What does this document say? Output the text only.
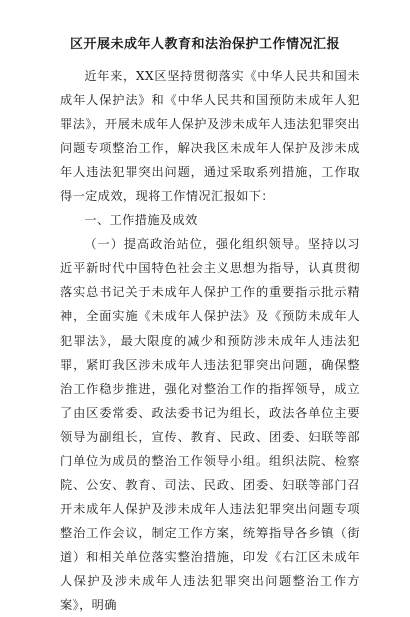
区开展未成年人教育和法治保护工作情况汇报

近年来，XX区坚持贯彻落实《中华人民共和国未成年人保护法》和《中华人民共和国预防未成年人犯罪法》，开展未成年人保护及涉未成年人违法犯罪突出问题专项整治工作，解决我区未成年人保护及涉未成年人违法犯罪突出问题，通过采取系列措施，工作取得一定成效，现将工作情况汇报如下：

一、工作措施及成效

（一）提高政治站位，强化组织领导。坚持以习近平新时代中国特色社会主义思想为指导，认真贯彻落实总书记关于未成年人保护工作的重要指示批示精神，全面实施《未成年人保护法》及《预防未成年人犯罪法》，最大限度的减少和预防涉未成年人违法犯罪，紧盯我区涉未成年人违法犯罪突出问题，确保整治工作稳步推进，强化对整治工作的指挥领导，成立了由区委常委、政法委书记为组长，政法各单位主要领导为副组长，宣传、教育、民政、团委、妇联等部门单位为成员的整治工作领导小组。组织法院、检察院、公安、教育、司法、民政、团委、妇联等部门召开未成年人保护及涉未成年人违法犯罪突出问题专项整治工作会议，制定工作方案，统筹指导各乡镇（街道）和相关单位落实整治措施，印发《右江区未成年人保护及涉未成年人违法犯罪突出问题整治工作方案》，明确
